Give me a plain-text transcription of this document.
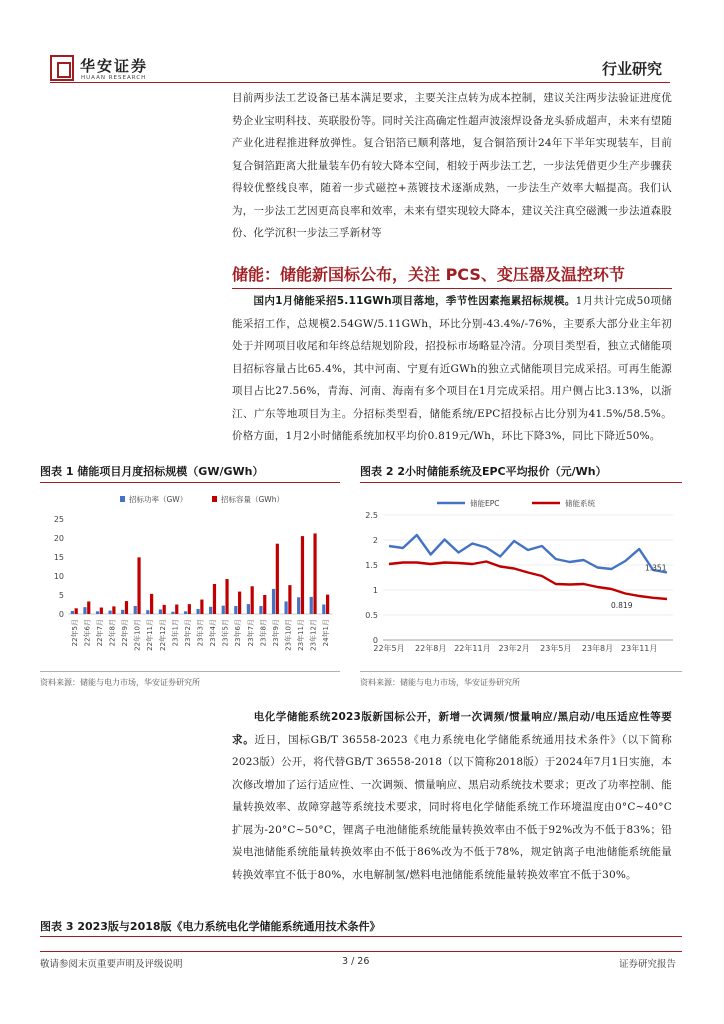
华安证券
HUAAN RESEARCH	行业研究
目前两步法工艺设备已基本满足要求，主要关注点转为成本控制，建议关注两步法验证进度优势企业宝明科技、英联股份等。同时关注高确定性超声波滚焊设备龙头骄成超声，未来有望随产业化进程推进释放弹性。复合铝箔已顺利落地，复合铜箔预计24年下半年实现装车，目前复合铜箔距离大批量装车仍有较大降本空间，相较于两步法工艺，一步法凭借更少生产步骤获得较优整线良率，随着一步式磁控+蒸镀技术逐渐成熟，一步法生产效率大幅提高。我们认为，一步法工艺因更高良率和效率，未来有望实现较大降本，建议关注真空磁溅一步法道森股份、化学沉积一步法三孚新材等
储能：储能新国标公布，关注 PCS、变压器及温控环节
  国内1月储能采招5.11GWh项目落地，季节性因素拖累招标规模。1月共计完成50项储能采招工作，总规模2.54GW/5.11GWh，环比分别-43.4%/-76%，主要系大部分业主年初处于并网项目收尾和年终总结规划阶段，招投标市场略显冷清。分项目类型看，独立式储能项目招标容量占比65.4%，其中河南、宁夏有近GWh的独立式储能项目完成采招。可再生能源项目占比27.56%，青海、河南、海南有多个项目在1月完成采招。用户侧占比3.13%，以浙江、广东等地项目为主。分招标类型看，储能系统/EPC招投标占比分别为41.5%/58.5%。价格方面，1月2小时储能系统加权平均价0.819元/Wh，环比下降3%，同比下降近50%。
图表 1 储能项目月度招标规模（GW/GWh）
招标功率（GW）	招标容量（GWh）
0
5
10
15
20
25
22年5月 22年6月 22年7月 22年8月 22年9月 22年10月 22年11月 22年12月 23年1月 23年2月 23年3月 23年4月 23年5月 23年6月 23年7月 23年8月 23年9月 23年10月 23年11月 23年12月 24年1月
资料来源：储能与电力市场，华安证券研究所
图表 2 2小时储能系统及EPC平均报价（元/Wh）
0
0.5
1
1.5
2
2.5
储能EPC	储能系统
1.351
0.819
22年5月 22年8月 22年11月 23年2月 23年5月 23年8月 23年11月
资料来源：储能与电力市场，华安证券研究所
  电化学储能系统2023版新国标公开，新增一次调频/惯量响应/黑启动/电压适应性等要求。近日，国标GB/T 36558-2023《电力系统电化学储能系统通用技术条件》（以下简称2023版）公开，将代替GB/T 36558-2018（以下简称2018版）于2024年7月1日实施，本次修改增加了运行适应性、一次调频、惯量响应、黑启动系统技术要求；更改了功率控制、能量转换效率、故障穿越等系统技术要求，同时将电化学储能系统工作环境温度由0°C~40°C扩展为-20°C~50°C，锂离子电池储能系统能量转换效率由不低于92%改为不低于83%；铅炭电池储能系统能量转换效率由不低于86%改为不低于78%，规定钠离子电池储能系统能量转换效率宜不低于80%，水电解制氢/燃料电池储能系统能量转换效率宜不低于30%。
图表 3 2023版与2018版《电力系统电化学储能系统通用技术条件》
敬请参阅末页重要声明及评级说明	3 / 26	证券研究报告
